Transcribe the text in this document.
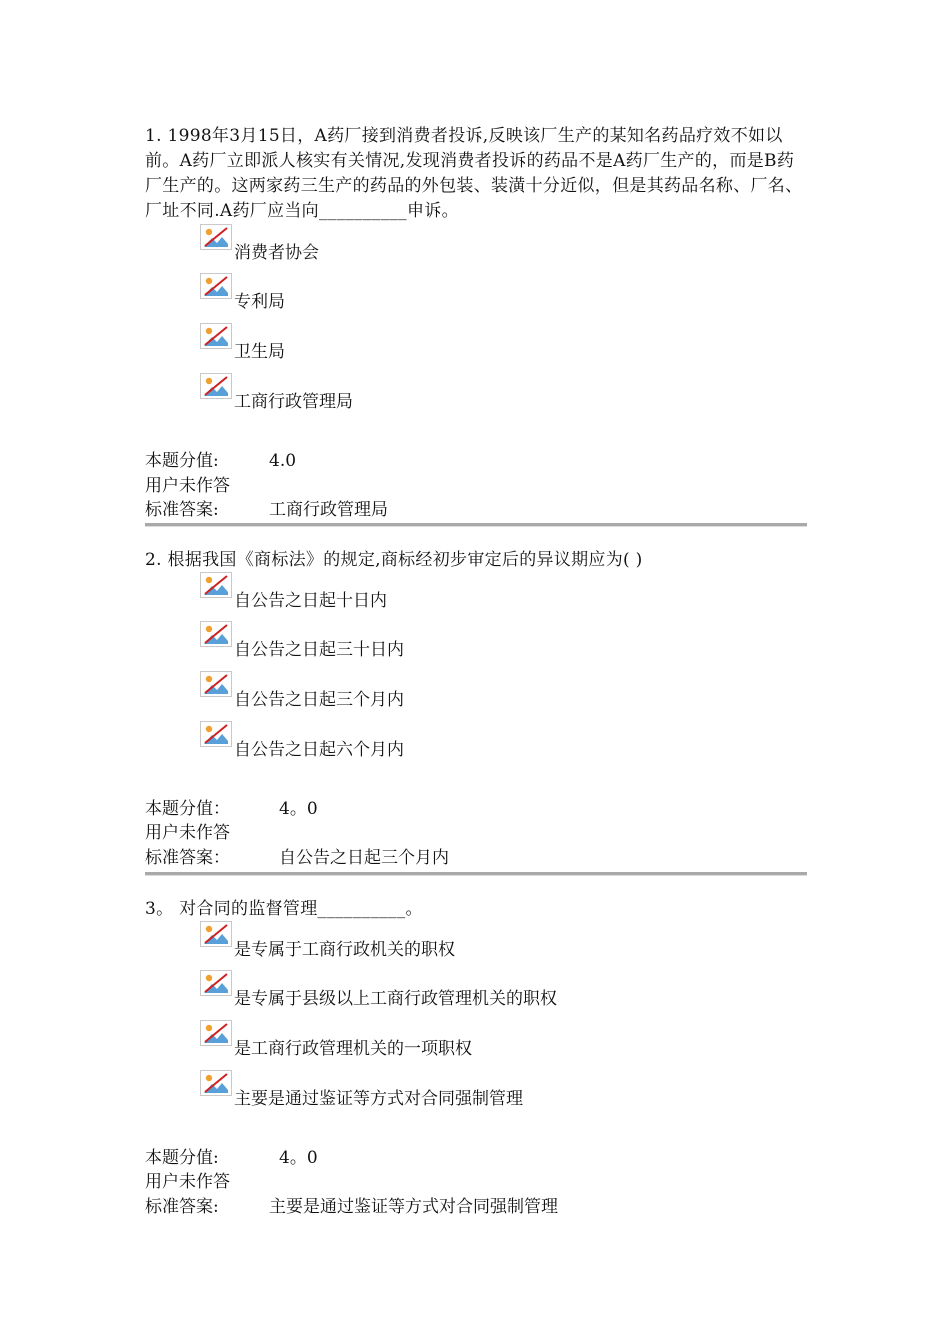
1. 1998年3月15日，A药厂接到消费者投诉,反映该厂生产的某知名药品疗效不如以前。A药厂立即派人核实有关情况,发现消费者投诉的药品不是A药厂生产的，而是B药厂生产的。这两家药三生产的药品的外包装、装潢十分近似，但是其药品名称、厂名、厂址不同.A药厂应当向__________申诉。
消费者协会
专利局
卫生局
工商行政管理局
本题分值:	4.0
用户未作答
标准答案:	工商行政管理局
2. 根据我国《商标法》的规定,商标经初步审定后的异议期应为( )
自公告之日起十日内
自公告之日起三十日内
自公告之日起三个月内
自公告之日起六个月内
本题分值：	4。0
用户未作答
标准答案：	自公告之日起三个月内
3。 对合同的监督管理__________。
是专属于工商行政机关的职权
是专属于县级以上工商行政管理机关的职权
是工商行政管理机关的一项职权
主要是通过鉴证等方式对合同强制管理
本题分值:	4。0
用户未作答
标准答案:	主要是通过鉴证等方式对合同强制管理
